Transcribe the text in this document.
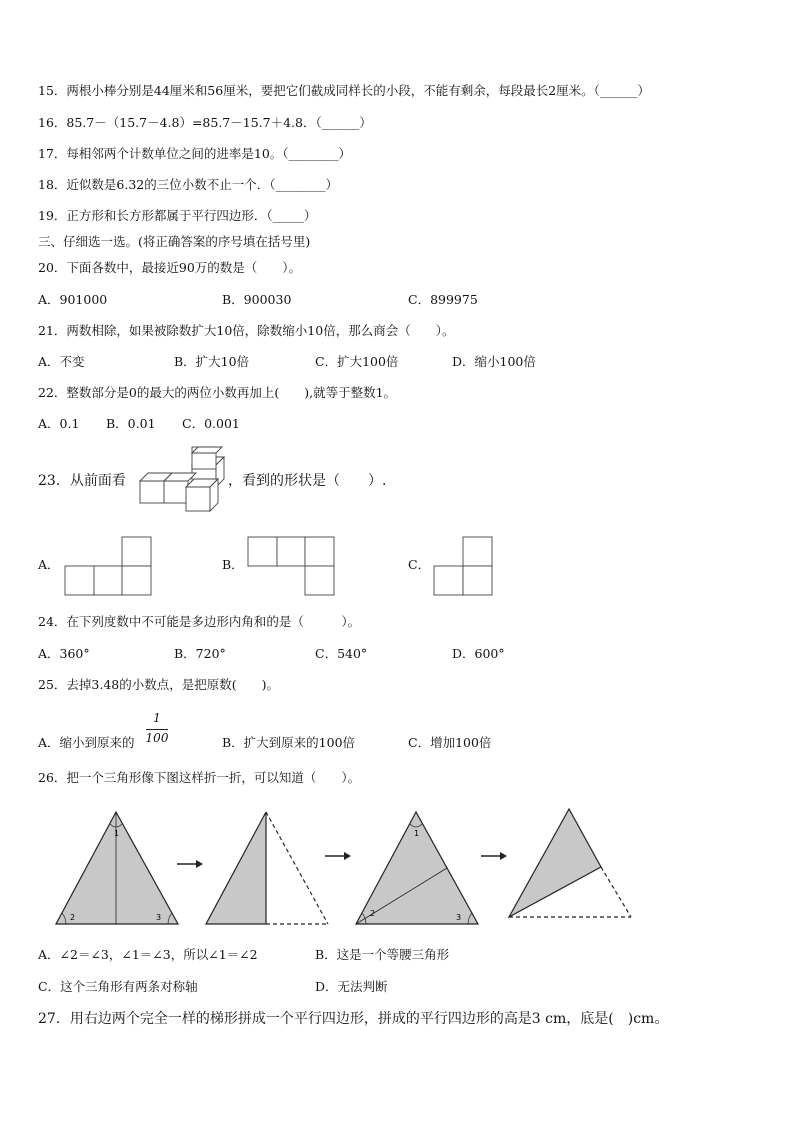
15．两根小棒分别是44厘米和56厘米，要把它们截成同样长的小段，不能有剩余，每段最长2厘米。（______）
16．85.7－（15.7－4.8）=85.7－15.7＋4.8．（______）
17．每相邻两个计数单位之间的进率是10。（________）
18．近似数是6.32的三位小数不止一个．（________）
19．正方形和长方形都属于平行四边形．（_____）
三、仔细选一选。(将正确答案的序号填在括号里)
20．下面各数中，最接近90万的数是（　　）。
A．901000	B．900030	C．899975
21．两数相除，如果被除数扩大10倍，除数缩小10倍，那么商会（　　）。
A．不变	B．扩大10倍	C．扩大100倍	D．缩小100倍
22．整数部分是0的最大的两位小数再加上(　　),就等于整数1。
A．0.1 B．0.01 C．0.001
23．从前面看	，看到的形状是（　　）.
A．	B．	C．
24．在下列度数中不可能是多边形内角和的是（　　　）。
A．360°	B．720°	C．540°	D．600°
25．去掉3.48的小数点，是把原数(　　)。
A．缩小到原来的
1
100	B．扩大到原来的100倍	C．增加100倍
26．把一个三角形像下图这样折一折，可以知道（　　）。
1
2	3
1
2	3
A．∠2＝∠3，∠1＝∠3，所以∠1＝∠2	B．这是一个等腰三角形
C．这个三角形有两条对称轴	D．无法判断
27．用右边两个完全一样的梯形拼成一个平行四边形，拼成的平行四边形的高是3 cm，底是(　)cm。
